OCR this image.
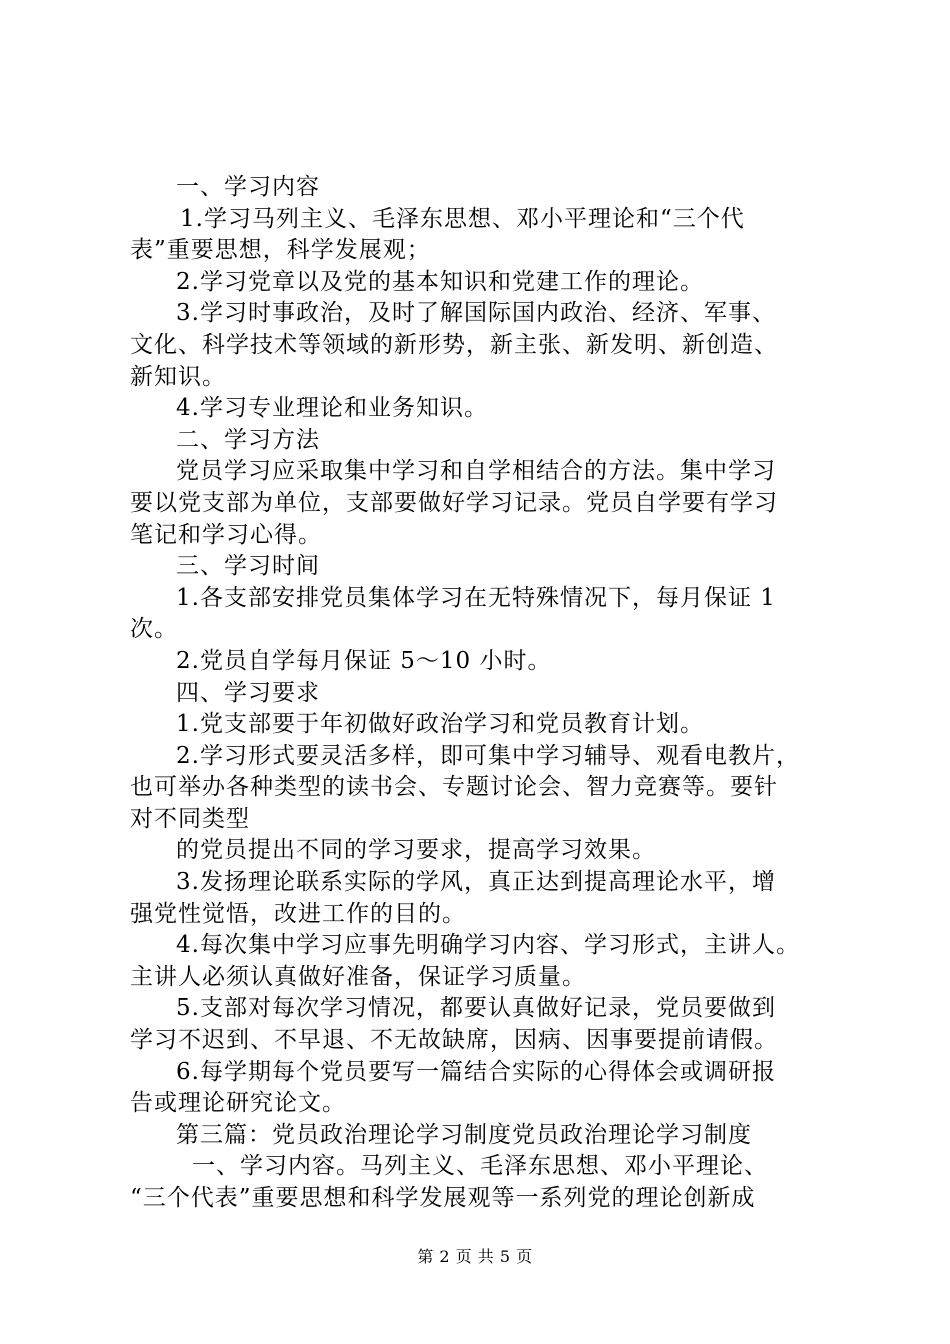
一、学习内容
1.学习马列主义、毛泽东思想、邓小平理论和“三个代
表”重要思想，科学发展观；
2.学习党章以及党的基本知识和党建工作的理论。
3.学习时事政治，及时了解国际国内政治、经济、军事、
文化、科学技术等领域的新形势，新主张、新发明、新创造、
新知识。
4.学习专业理论和业务知识。
二、学习方法
党员学习应采取集中学习和自学相结合的方法。集中学习
要以党支部为单位，支部要做好学习记录。党员自学要有学习
笔记和学习心得。
三、学习时间
1.各支部安排党员集体学习在无特殊情况下，每月保证 1
次。
2.党员自学每月保证 5～10 小时。
四、学习要求
1.党支部要于年初做好政治学习和党员教育计划。
2.学习形式要灵活多样，即可集中学习辅导、观看电教片，
也可举办各种类型的读书会、专题讨论会、智力竞赛等。要针
对不同类型
的党员提出不同的学习要求，提高学习效果。
3.发扬理论联系实际的学风，真正达到提高理论水平，增
强党性觉悟，改进工作的目的。
4.每次集中学习应事先明确学习内容、学习形式，主讲人。
主讲人必须认真做好准备，保证学习质量。
5.支部对每次学习情况，都要认真做好记录，党员要做到
学习不迟到、不早退、不无故缺席，因病、因事要提前请假。
6.每学期每个党员要写一篇结合实际的心得体会或调研报
告或理论研究论文。
第三篇：党员政治理论学习制度党员政治理论学习制度
一、学习内容。马列主义、毛泽东思想、邓小平理论、
“三个代表”重要思想和科学发展观等一系列党的理论创新成
第 2 页 共 5 页
